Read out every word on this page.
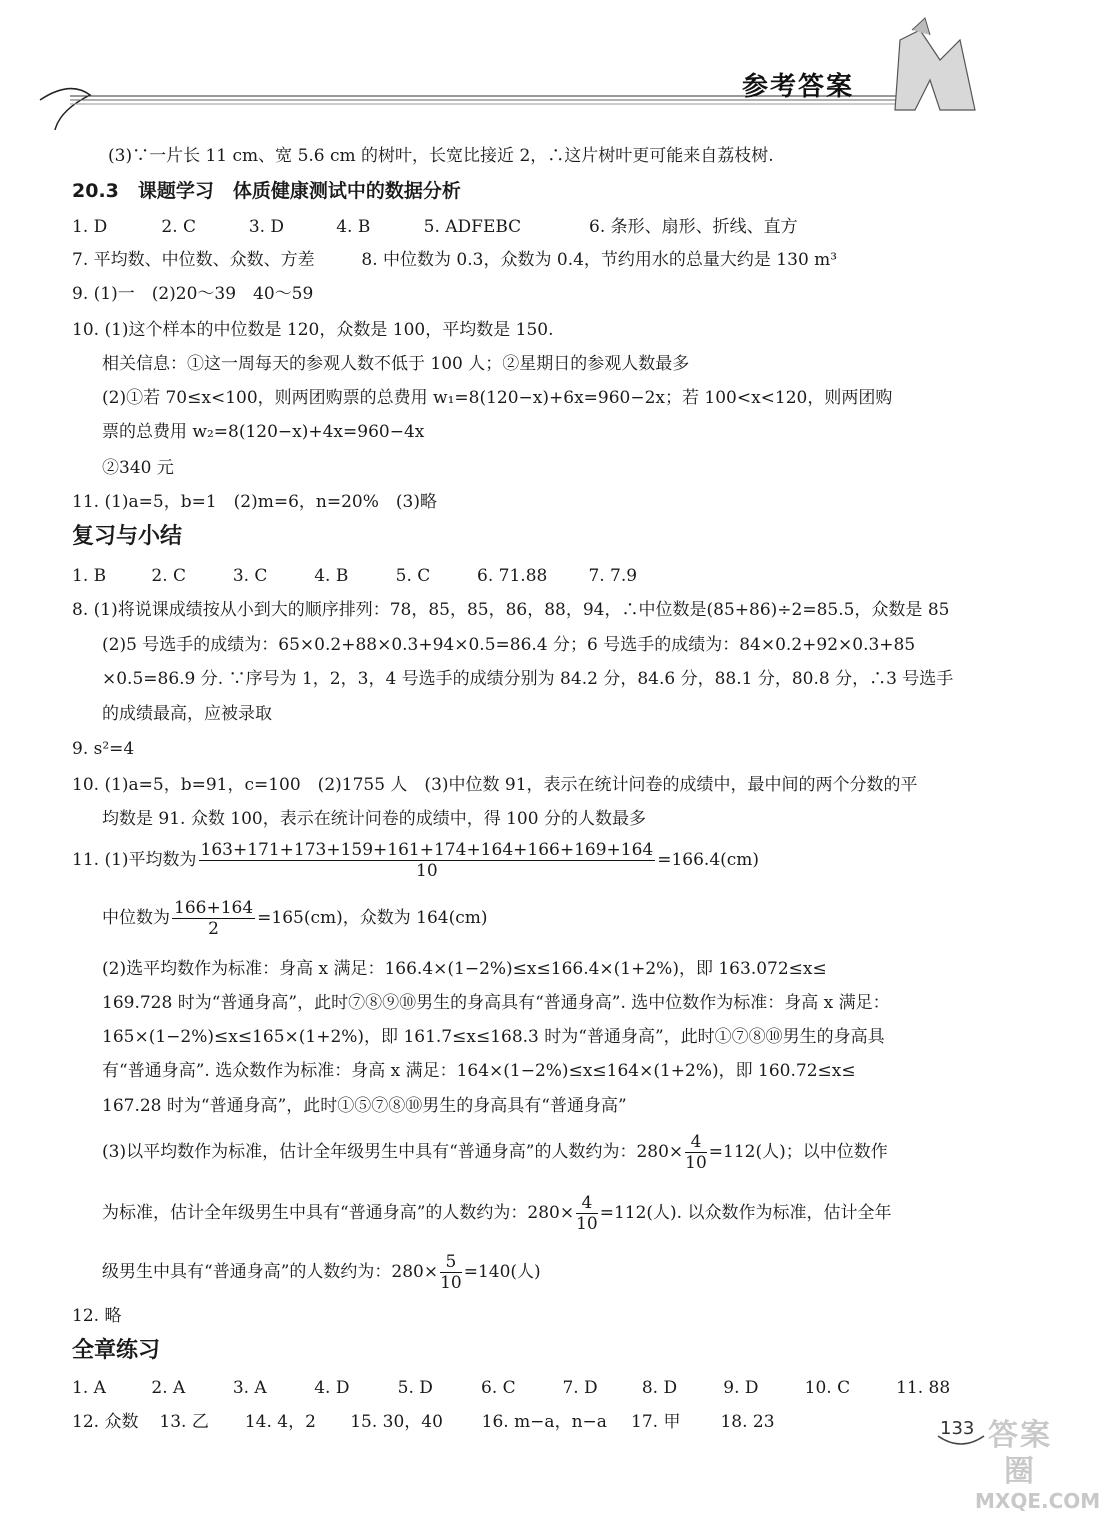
参考答案
(3)∵一片长 11 cm、宽 5.6 cm 的树叶，长宽比接近 2，∴这片树叶更可能来自荔枝树.
20.3　课题学习　体质健康测试中的数据分析
1. D	2. C	3. D	4. B	5. ADFEBC	6. 条形、扇形、折线、直方
7. 平均数、中位数、众数、方差	8. 中位数为 0.3，众数为 0.4，节约用水的总量大约是 130 m³
9. (1)一　(2)20～39　40～59
10. (1)这个样本的中位数是 120，众数是 100，平均数是 150.
相关信息：①这一周每天的参观人数不低于 100 人；②星期日的参观人数最多
(2)①若 70≤x<100，则两团购票的总费用 w₁=8(120−x)+6x=960−2x；若 100<x<120，则两团购
票的总费用 w₂=8(120−x)+4x=960−4x
②340 元
11. (1)a=5，b=1　(2)m=6，n=20%　(3)略
复习与小结
1. B	2. C	3. C	4. B	5. C	6. 71.88 7. 7.9
8. (1)将说课成绩按从小到大的顺序排列：78，85，85，86，88，94，∴中位数是(85+86)÷2=85.5，众数是 85
(2)5 号选手的成绩为：65×0.2+88×0.3+94×0.5=86.4 分；6 号选手的成绩为：84×0.2+92×0.3+85
×0.5=86.9 分. ∵序号为 1，2，3，4 号选手的成绩分别为 84.2 分，84.6 分，88.1 分，80.8 分，∴3 号选手
的成绩最高，应被录取
9. s²=4
10. (1)a=5，b=91，c=100　(2)1755 人　(3)中位数 91，表示在统计问卷的成绩中，最中间的两个分数的平
均数是 91. 众数 100，表示在统计问卷的成绩中，得 100 分的人数最多
11. (1)平均数为 $\frac{163+171+173+159+161+174+164+166+169+164}{10} =166.4(cm)$
中位数为 $\frac{166+164}{2} =165(cm)$，众数为 164(cm)
(2)选平均数作为标准：身高 x 满足：166.4×(1−2%)≤x≤166.4×(1+2%)，即 163.072≤x≤
169.728 时为“普通身高”，此时⑦⑧⑨⑩男生的身高具有“普通身高”. 选中位数作为标准：身高 x 满足：
165×(1−2%)≤x≤165×(1+2%)，即 161.7≤x≤168.3 时为“普通身高”，此时①⑦⑧⑩男生的身高具
有“普通身高”. 选众数作为标准：身高 x 满足：164×(1−2%)≤x≤164×(1+2%)，即 160.72≤x≤
167.28 时为“普通身高”，此时①⑤⑦⑧⑩男生的身高具有“普通身高”
(3)以平均数作为标准，估计全年级男生中具有“普通身高”的人数约为：$280\times \frac{4}{10} =112$(人)；以中位数作
为标准，估计全年级男生中具有“普通身高”的人数约为：$280\times \frac{4}{10} =112$(人). 以众数作为标准，估计全年
级男生中具有“普通身高”的人数约为：$280\times \frac{5}{10} =140$(人)
12. 略
全章练习
1. A	2. A	3. A	4. D	5. D	6. C	7. D	8. D	9. D	10. C	11. 88
12. 众数 13. 乙 14. 4，2 15. 30，40 16. m−a，n−a 17. 甲 18. 23	133 答案圈
MXQE.COM
